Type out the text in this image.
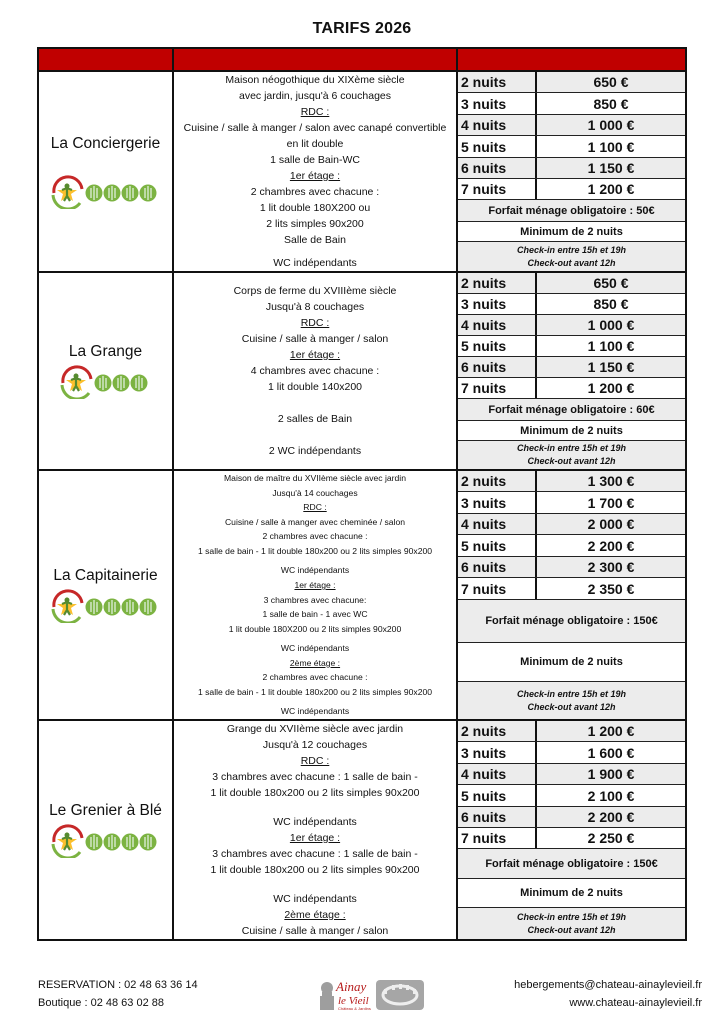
TARIFS 2026
La Conciergerie
Maison néogothique du XIXème siècle
avec jardin, jusqu'à 6 couchages
RDC :
Cuisine / salle à manger / salon avec canapé convertible
en lit double
1 salle de Bain-WC
1er étage :
2 chambres avec chacune :
1 lit double 180X200 ou
2 lits simples 90x200
Salle de Bain
WC indépendants
2 nuits	650 €
3 nuits	850 €
4 nuits	1 000 €
5 nuits	1 100 €
6 nuits	1 150 €
7 nuits	1 200 €
Forfait ménage obligatoire : 50€
Minimum de 2 nuits
Check-in entre 15h et 19h
Check-out avant 12h
La Grange
Corps de ferme du XVIIIème siècle
Jusqu'à 8 couchages
RDC :
Cuisine / salle à manger / salon
1er étage :
4 chambres avec chacune :
1 lit double 140x200
2 salles de Bain
2 WC indépendants
2 nuits	650 €
3 nuits	850 €
4 nuits	1 000 €
5 nuits	1 100 €
6 nuits	1 150 €
7 nuits	1 200 €
Forfait ménage obligatoire : 60€
Minimum de 2 nuits
Check-in entre 15h et 19h
Check-out avant 12h
La Capitainerie
Maison de maître du XVIIème siècle avec jardin
Jusqu'à 14 couchages
RDC :
Cuisine / salle à manger avec cheminée / salon
2 chambres avec chacune :
1 salle de bain - 1 lit double 180x200 ou 2 lits simples 90x200
WC indépendants
1er étage :
3 chambres avec chacune:
1 salle de bain - 1 avec WC
1 lit double 180X200 ou 2 lits simples 90x200
WC indépendants
2ème étage :
2 chambres avec chacune :
1 salle de bain - 1 lit double 180x200 ou 2 lits simples 90x200
WC indépendants
2 nuits	1 300 €
3 nuits	1 700 €
4 nuits	2 000 €
5 nuits	2 200 €
6 nuits	2 300 €
7 nuits	2 350 €
Forfait ménage obligatoire : 150€
Minimum de 2 nuits
Check-in entre 15h et 19h
Check-out avant 12h
Le Grenier à Blé
Grange du XVIIème siècle avec jardin
Jusqu'à 12 couchages
RDC :
3 chambres avec chacune : 1 salle de bain -
1 lit double 180x200 ou 2 lits simples 90x200
WC indépendants
1er étage :
3 chambres avec chacune : 1 salle de bain -
1 lit double 180x200 ou 2 lits simples 90x200
WC indépendants
2ème étage :
Cuisine / salle à manger / salon
2 nuits	1 200 €
3 nuits	1 600 €
4 nuits	1 900 €
5 nuits	2 100 €
6 nuits	2 200 €
7 nuits	2 250 €
Forfait ménage obligatoire : 150€
Minimum de 2 nuits
Check-in entre 15h et 19h
Check-out avant 12h
RESERVATION : 02 48 63 36 14
Boutique : 02 48 63 02 88
Ainay
le Vieil
Château & Jardins
hebergements@chateau-ainaylevieil.fr
www.chateau-ainaylevieil.fr
